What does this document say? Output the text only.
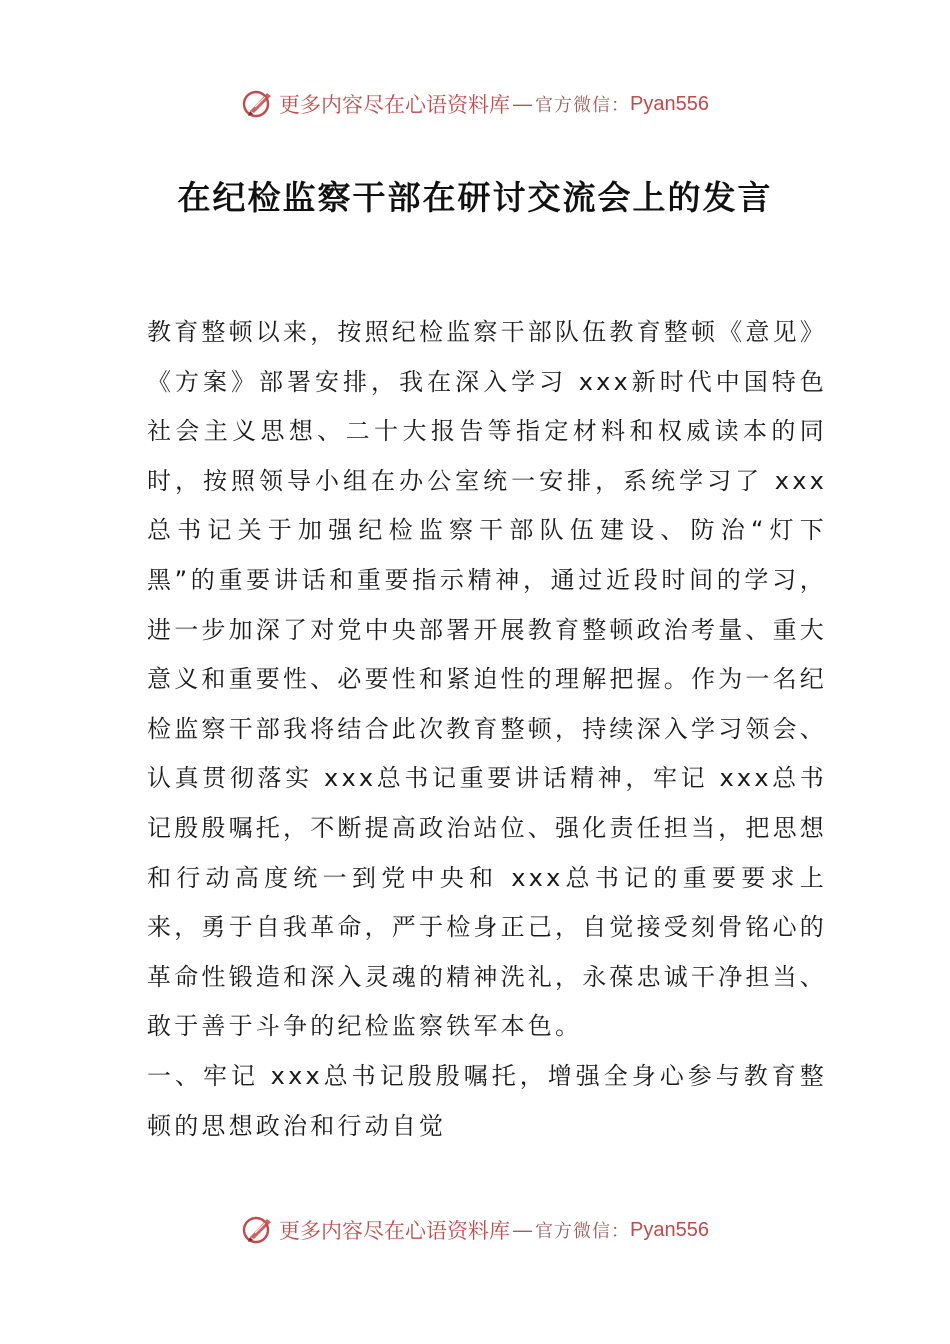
更多内容尽在心语资料库 — 官方微信： Pyan556
在纪检监察干部在研讨交流会上的发言

教育整顿以来，按照纪检监察干部队伍教育整顿《意见》《方案》部署安排，我在深入学习 xxx新时代中国特色社会主义思想、二十大报告等指定材料和权威读本的同时，按照领导小组在办公室统一安排，系统学习了 xxx总书记关于加强纪检监察干部队伍建设、防治“灯下黑”的重要讲话和重要指示精神，通过近段时间的学习，进一步加深了对党中央部署开展教育整顿政治考量、重大意义和重要性、必要性和紧迫性的理解把握。作为一名纪检监察干部我将结合此次教育整顿，持续深入学习领会、认真贯彻落实 xxx总书记重要讲话精神，牢记 xxx总书记殷殷嘱托，不断提高政治站位、强化责任担当，把思想和行动高度统一到党中央和 xxx总书记的重要要求上来，勇于自我革命，严于检身正己，自觉接受刻骨铭心的革命性锻造和深入灵魂的精神洗礼，永葆忠诚干净担当、敢于善于斗争的纪检监察铁军本色。

一、牢记 xxx总书记殷殷嘱托，增强全身心参与教育整顿的思想政治和行动自觉

更多内容尽在心语资料库 — 官方微信： Pyan556
